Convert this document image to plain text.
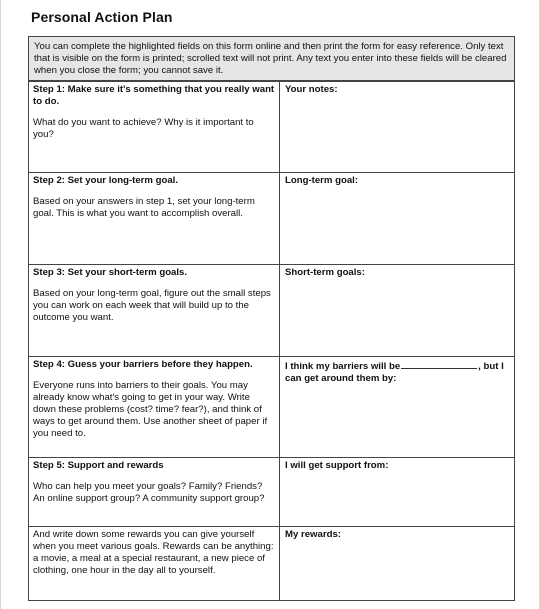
Personal Action Plan
You can complete the highlighted fields on this form online and then print the form for easy reference. Only text that is visible on the form is printed; scrolled text will not print. Any text you enter into these fields will be cleared when you close the form; you cannot save it.

Step 1: Make sure it's something that you really want to do.

What do you want to achieve? Why is it important to you?	Your notes:

Step 2: Set your long-term goal.

Based on your answers in step 1, set your long-term goal. This is what you want to accomplish overall.	Long-term goal:

Step 3: Set your short-term goals.

Based on your long-term goal, figure out the small steps you can work on each week that will build up to the outcome you want.	Short-term goals:

Step 4: Guess your barriers before they happen.

Everyone runs into barriers to their goals. You may already know what's going to get in your way. Write down these problems (cost? time? fear?), and think of ways to get around them. Use another sheet of paper if you need to.	I think my barriers will be , but I can get around them by:

Step 5: Support and rewards

Who can help you meet your goals? Family? Friends? An online support group? A community support group?	I will get support from:

And write down some rewards you can give yourself when you meet various goals. Rewards can be anything: a movie, a meal at a special restaurant, a new piece of clothing, one hour in the day all to yourself.	My rewards:
